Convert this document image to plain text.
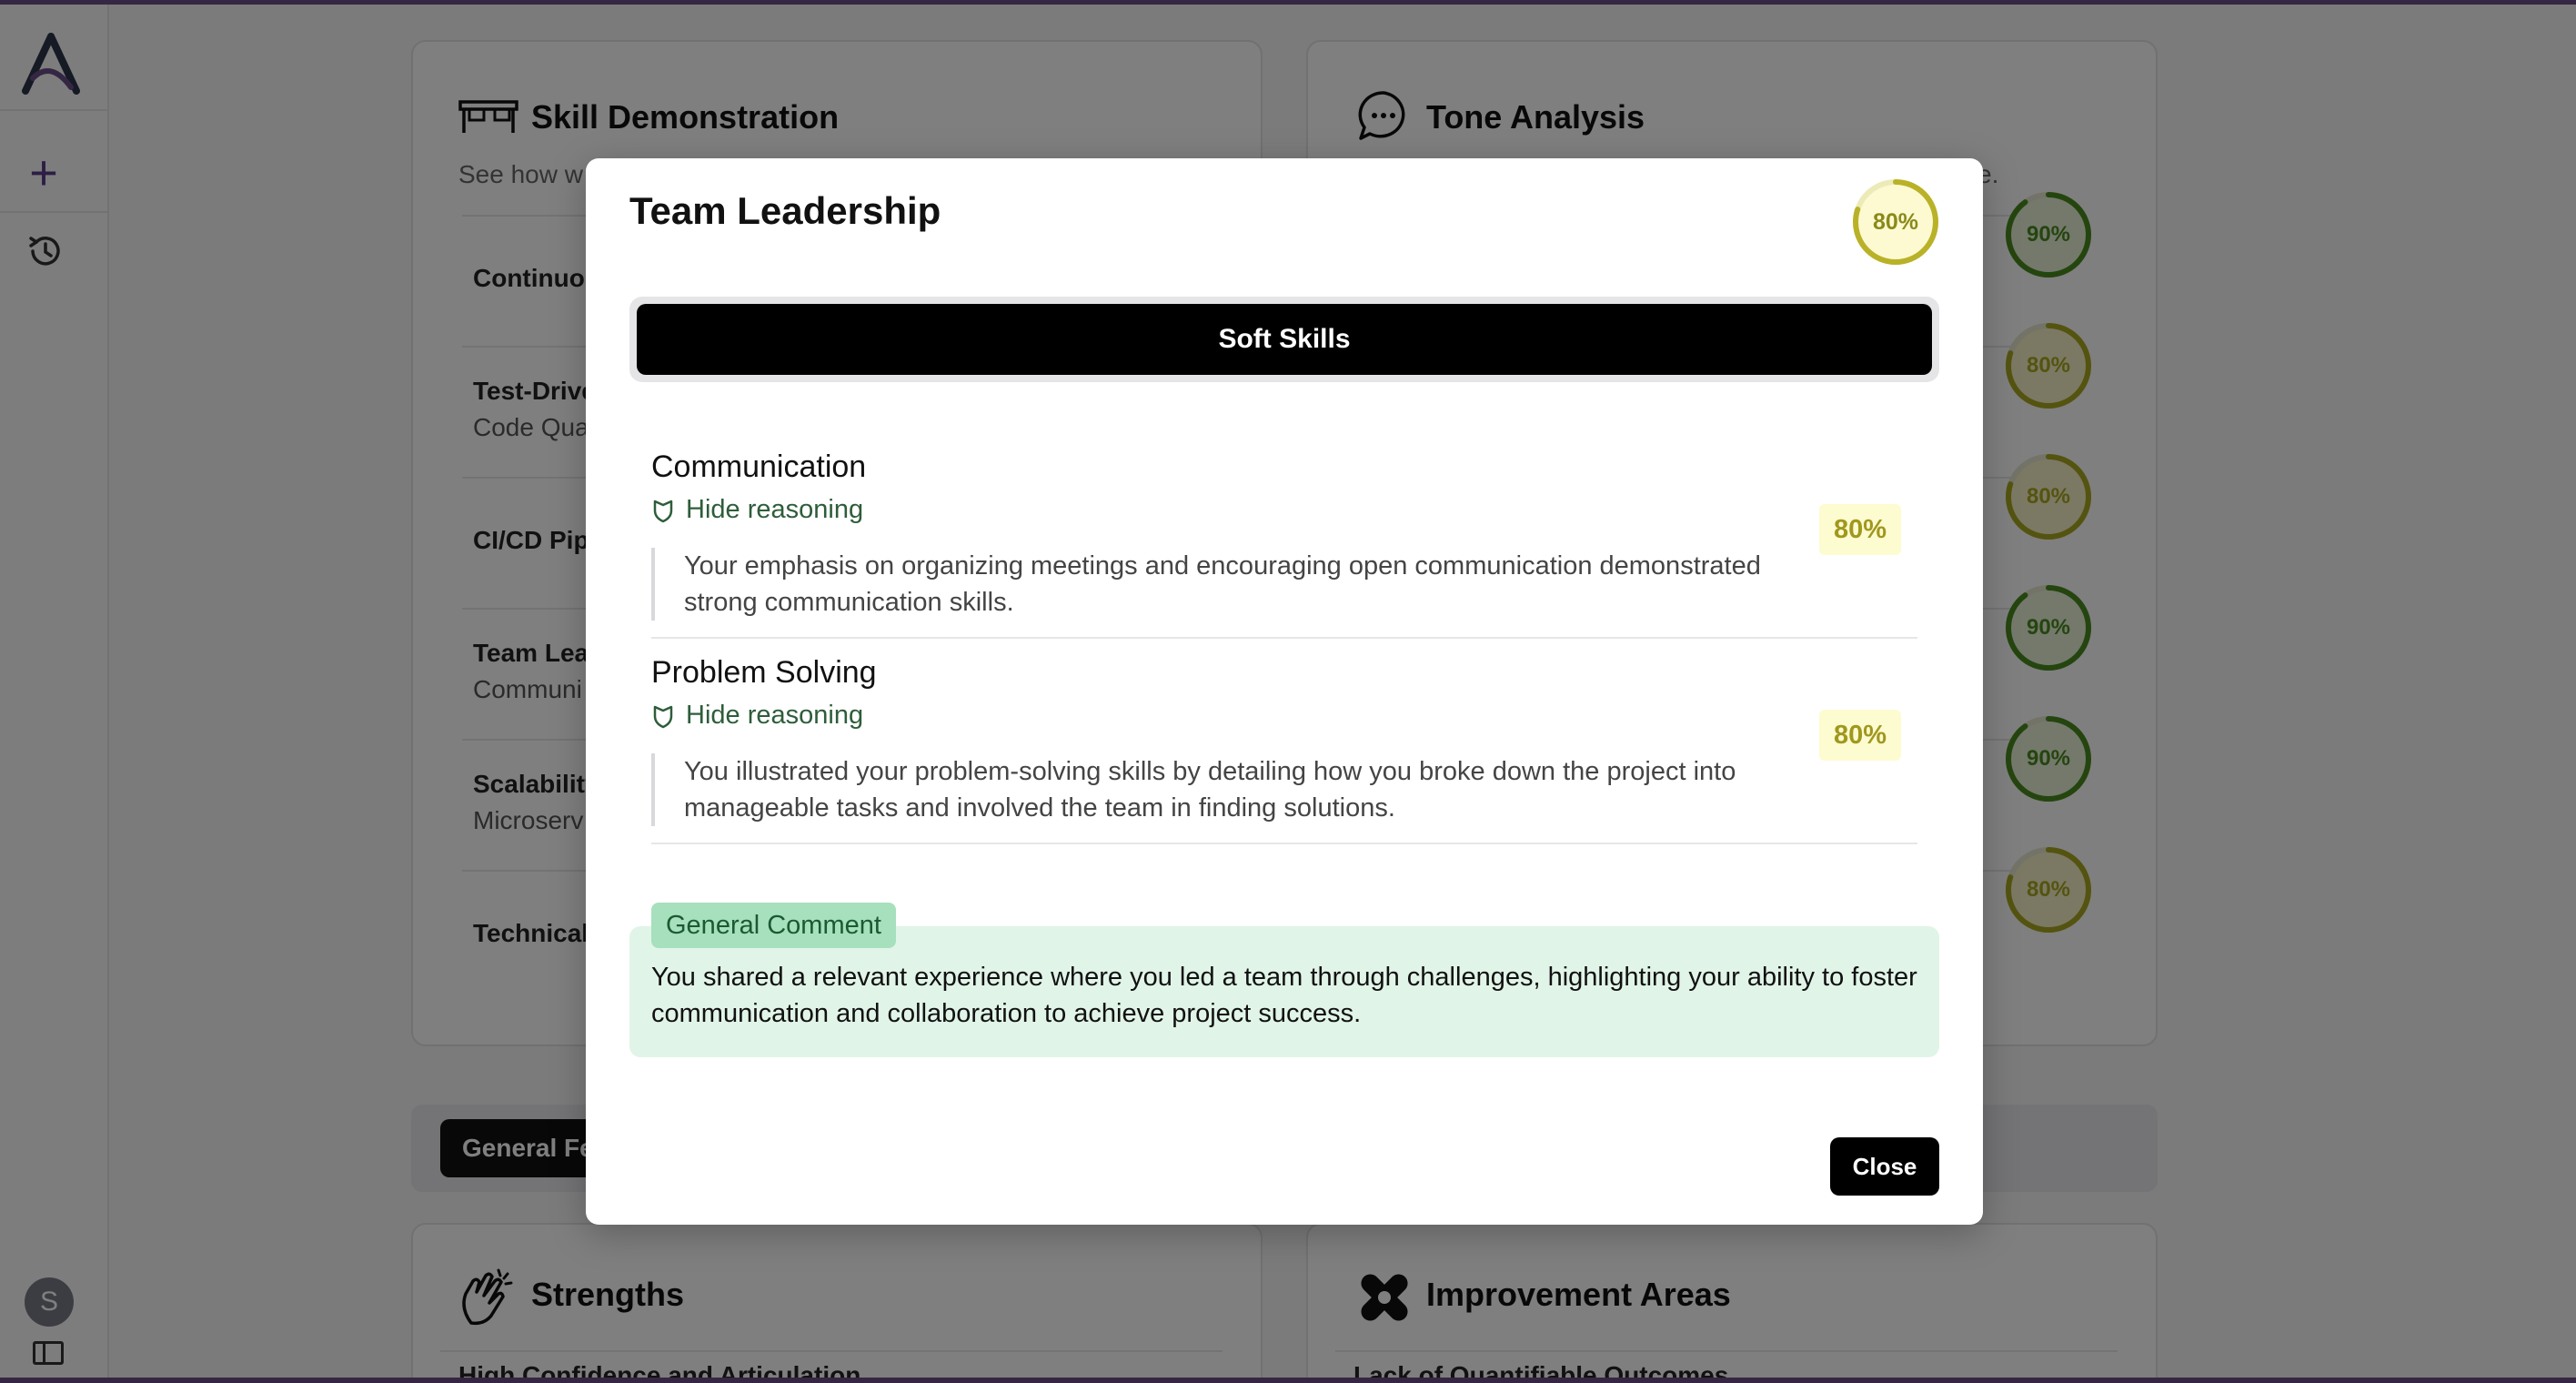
Team Leadership	80%
Soft Skills
Communication
Hide reasoning
80%
Your emphasis on organizing meetings and encouraging open communication demonstrated strong communication skills.
Problem Solving
Hide reasoning
80%
You illustrated your problem-solving skills by detailing how you broke down the project into manageable tasks and involved the team in finding solutions.
General Comment
You shared a relevant experience where you led a team through challenges, highlighting your ability to foster communication and collaboration to achieve project success.
Close
